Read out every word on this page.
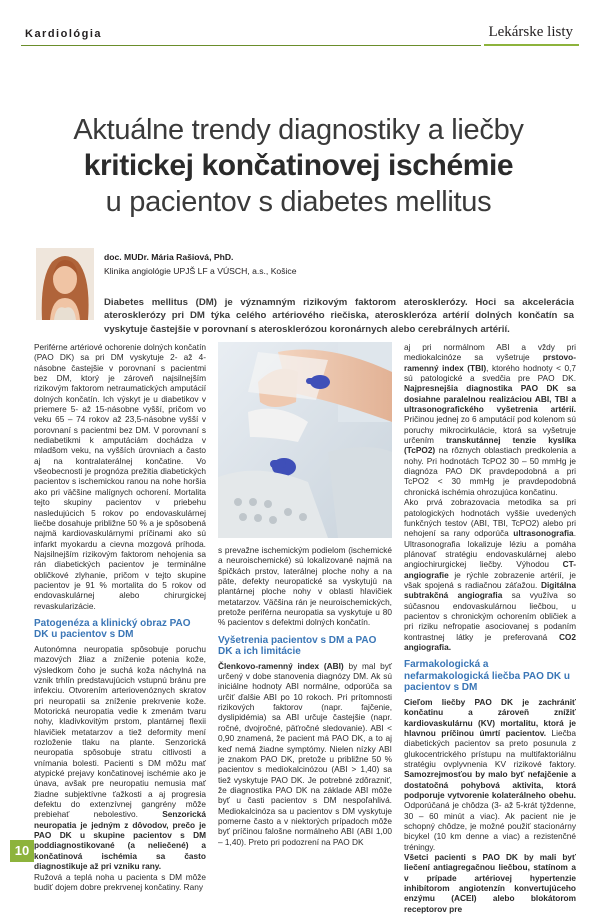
Kardiológia	Lekárske listy
Aktuálne trendy diagnostiky a liečby
kritickej končatinovej ischémie
u pacientov s diabetes mellitus
doc. MUDr. Mária Rašiová, PhD.
Klinika angiológie UPJŠ LF a VÚSCH, a.s., Košice
Diabetes mellitus (DM) je významným rizikovým faktorom aterosklerózy. Hoci sa akcelerácia aterosklerózy pri DM týka celého artériového riečiska, ateroskleróza artérií dolných končatín sa vyskytuje častejšie v porovnaní s aterosklerózou koronárnych alebo cerebrálnych artérií.

Periférne artériové ochorenie dolných končatín (PAO DK) sa pri DM vyskytuje 2- až 4-násobne častejšie v porovnaní s pacientmi bez DM, ktorý je zároveň najsilnejším rizikovým faktorom netraumatických amputácií dolných končatín. Ich výskyt je u diabetikov v priemere 5- až 15-násobne vyšší, pričom vo veku 65 – 74 rokov až 23,5-násobne vyšší v porovnaní s pacientmi bez DM. V porovnaní s nediabetikmi k amputáciám dochádza v mladšom veku, na vyšších úrovniach a často aj na kontralaterálnej končatine. Vo všeobecnosti je prognóza prežitia diabetických pacientov s ischemickou ranou na nohe horšia ako pri väčšine malígnych ochorení. Mortalita tejto skupiny pacientov v priebehu nasledujúcich 5 rokov po endovaskulárnej liečbe dosahuje približne 50 % a je spôsobená najmä kardiovaskulárnymi príčinami ako sú infarkt myokardu a cievna mozgová príhoda. Najsilnejším rizikovým faktorom nehojenia sa rán diabetických pacientov je terminálne obličkové zlyhanie, pričom v tejto skupine pacientov je 91 % mortalita do 5 rokov od endovaskulárnej alebo chirurgickej revaskularizácie.

Patogenéza a klinický obraz PAO DK u pacientov s DM

Autonómna neuropatia spôsobuje poruchu mazových žliaz a zníženie potenia kože, výsledkom čoho je suchá koža náchylná na vznik trhlín predstavujúcich vstupnú bránu pre infekciu. Otvorením arteriovenóznych skratov pri neuropatii sa zníženie prekrvenie kože. Motorická neuropatia vedie k zmenám tvaru nohy, kladivkovitým prstom, plantárnej flexii hlavičiek metatarzov a tiež deformity mení rozloženie tlaku na plante. Senzorická neuropatia spôsobuje stratu citlivosti a vnímania bolesti. Pacienti s DM môžu mať atypické prejavy končatinovej ischémie ako je únava, avšak pre neuropatiu nemusia mať žiadne subjektívne ťažkosti a aj progresia defektu do extenzívnej gangrény môže prebiehať nebolestivo.	Senzorická neuropatia je jedným z dôvodov, prečo je PAO DK u skupine pacientov s DM poddiagnostikované (a neliečené) a končatinová ischémia sa často diagnostikuje až pri vzniku rany.
Ružová a teplá noha u pacienta s DM môže budiť dojem dobre prekrvenej končatiny. Rany

s prevažne ischemickým podielom (ischemické a neuroischemické) sú lokalizované najmä na špičkách prstov, laterálnej ploche nohy a na päte, defekty neuropatické sa vyskytujú na plantárnej ploche nohy v oblasti hlavičiek metatarzov. Väčšina rán je neuroischemických, pretože periférna neuropatia sa vyskytuje u 80 % pacientov s defektmi dolných končatín.

Vyšetrenia pacientov s DM a PAO DK a ich limitácie

Členkovo-ramenný index (ABI) by mal byť určený v dobe stanovenia diagnózy DM. Ak sú iniciálne hodnoty ABI normálne, odporúča sa určiť ďalšie ABI po 10 rokoch. Pri prítomnosti rizikových faktorov (napr. fajčenie, dyslipidémia) sa ABI určuje častejšie (napr. ročné, dvojročné, päťročné sledovanie). ABI < 0,90 znamená, že pacient má PAO DK, a to aj keď nemá žiadne symptómy. Nielen nízky ABI je znakom PAO DK, pretože u približne 50 % pacientov s mediokalcinózou (ABI > 1,40) sa tiež vyskytuje PAO DK. Je potrebné zdôrazniť, že diagnostika PAO DK na základe ABI môže byť u časti pacientov s DM nespoľahlivá. Mediokalcinóza sa u pacientov s DM vyskytuje pomerne často a v niektorých prípadoch môže byť príčinou falošne normálneho ABI (ABI 1,00 – 1,40). Preto pri podozrení na PAO DK

aj pri normálnom ABI a vždy pri mediokalcinóze sa vyšetruje prstovo-ramenný index (TBI), ktorého hodnoty < 0,7 sú patologické a svedčia pre PAO DK. Najpresnejšia diagnostika PAO DK sa dosiahne paralelnou realizáciou ABI, TBI a ultrasonografického vyšetrenia artérií. Pričinou jednej zo 6 amputácií pod kolenom sú poruchy mikrocirkulácie, ktorá sa vyšetruje určením transkutánnej tenzie kyslíka (TcPO2) na rôznych oblastiach predkolenia a nohy. Pri hodnotách TcPO2 30 – 50 mmHg je diagnóza PAO DK pravdepodobná a pri TcPO2 < 30 mmHg je pravdepodobná chronická ischémia ohrozujúca končatinu.

Ako prvá zobrazovacia metodika sa pri patologických hodnotách vyššie uvedených funkčných testov (ABI, TBI, TcPO2) alebo pri nehojení sa rany odporúča ultrasonografia. Ultrasonografia lokalizuje léziu a pomáha plánovať stratégiu endovaskulárnej alebo angiochirurgickej liečby. Výhodou CT-angiografie je rýchle zobrazenie artérií, je však spojená s radiačnou záťažou. Digitálna subtrakčná angiografia sa využíva so súčasnou endovaskulárnou liečbou, u pacientov s chronickým ochorením obličiek a pri riziku nefropatie asociovanej s podaním kontrastnej látky je preferovaná CO2 angiografia.

Farmakologická a nefarmakologická liečba PAO DK u pacientov s DM

Cieľom liečby PAO DK je zachrániť končatinu a zároveň znížiť kardiovaskulárnu (KV) mortalitu, ktorá je hlavnou príčinou úmrtí pacientov. Liečba diabetických pacientov sa preto posunula z glukocentrického prístupu na multifaktoriálnu stratégiu ovplyvnenia KV rizikové faktory. Samozrejmosťou by malo byť nefajčenie a dostatočná pohybová aktivita, ktorá podporuje vytvorenie kolaterálneho obehu. Odporúčaná je chôdza (3- až 5-krát týždenne, 30 – 60 minút a viac). Ak pacient nie je schopný chôdze, je možné použiť stacionárny bicykel (10 km denne a viac) a rezistenčné tréningy.

Všetci pacienti s PAO DK by mali byť liečení antiagregačnou liečbou, statínom a v prípade artériovej hypertenzie inhibítorom angiotenzín konvertujúceho enzýmu (ACEI) alebo blokátorom receptorov pre

10
